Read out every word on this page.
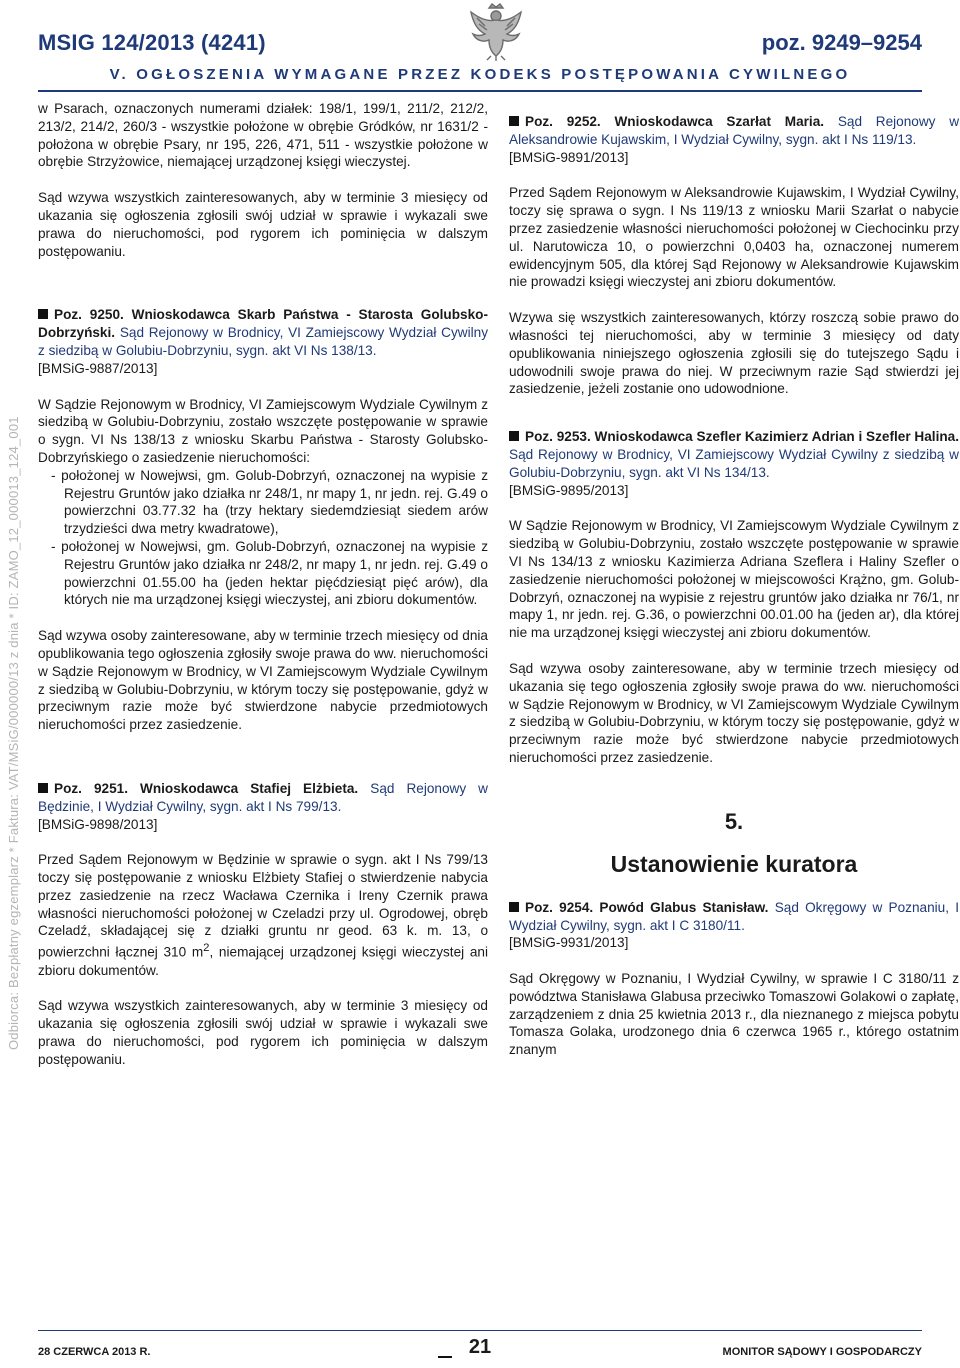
MSIG 124/2013 (4241)	poz. 9249–9254
V. OGŁOSZENIA WYMAGANE PRZEZ KODEKS POSTĘPOWANIA CYWILNEGO
Odbiorca: Bezpłatny egzemplarz * Faktura: VAT/MSiG/000000/13 z dnia * ID: ZAMO_12_000013_124_001

w Psarach, oznaczonych numerami działek: 198/1, 199/1, 211/2, 212/2, 213/2, 214/2, 260/3 - wszystkie położone w obrębie Gródków, nr 1631/2 - położona w obrębie Psary, nr 195, 226, 471, 511 - wszystkie położone w obrębie Strzyżowice, niemającej urządzonej księgi wieczystej.

Sąd wzywa wszystkich zainteresowanych, aby w terminie 3 miesięcy od ukazania się ogłoszenia zgłosili swój udział w sprawie i wykazali swe prawa do nieruchomości, pod rygorem ich pominięcia w dalszym postępowaniu.

Poz. 9250. Wnioskodawca Skarb Państwa - Starosta Golubsko-Dobrzyński. Sąd Rejonowy w Brodnicy, VI Zamiejscowy Wydział Cywilny z siedzibą w Golubiu-Dobrzyniu, sygn. akt VI Ns 138/13.

[BMSiG-9887/2013]

W Sądzie Rejonowym w Brodnicy, VI Zamiejscowym Wydziale Cywilnym z siedzibą w Golubiu-Dobrzyniu, zostało wszczęte postępowanie w sprawie o sygn. VI Ns 138/13 z wniosku Skarbu Państwa - Starosty Golubsko-Dobrzyńskiego o zasiedzenie nieruchomości:

- położonej w Nowejwsi, gm. Golub-Dobrzyń, oznaczonej na wypisie z Rejestru Gruntów jako działka nr 248/1, nr mapy 1, nr jedn. rej. G.49 o powierzchni 03.77.32 ha (trzy hektary siedemdziesiąt siedem arów trzydzieści dwa metry kwadratowe),
- położonej w Nowejwsi, gm. Golub-Dobrzyń, oznaczonej na wypisie z Rejestru Gruntów jako działka nr 248/2, nr mapy 1, nr jedn. rej. G.49 o powierzchni 01.55.00 ha (jeden hektar pięćdziesiąt pięć arów), dla których nie ma urządzonej księgi wieczystej, ani zbioru dokumentów.

Sąd wzywa osoby zainteresowane, aby w terminie trzech miesięcy od dnia opublikowania tego ogłoszenia zgłosiły swoje prawa do ww. nieruchomości w Sądzie Rejonowym w Brodnicy, w VI Zamiejscowym Wydziale Cywilnym z siedzibą w Golubiu-Dobrzyniu, w którym toczy się postępowanie, gdyż w przeciwnym razie może być stwierdzone nabycie przedmiotowych nieruchomości przez zasiedzenie.

Poz. 9251. Wnioskodawca Stafiej Elżbieta. Sąd Rejonowy w Będzinie, I Wydział Cywilny, sygn. akt I Ns 799/13.

[BMSiG-9898/2013]

Przed Sądem Rejonowym w Będzinie w sprawie o sygn. akt I Ns 799/13 toczy się postępowanie z wniosku Elżbiety Stafiej o stwierdzenie nabycia przez zasiedzenie na rzecz Wacława Czernika i Ireny Czernik prawa własności nieruchomości położonej w Czeladzi przy ul. Ogrodowej, obręb Czeladź, składającej się z działki gruntu nr geod. 63 k. m. 13, o powierzchni łącznej 310 $m^2$, niemającej urządzonej księgi wieczystej ani zbioru dokumentów.

Sąd wzywa wszystkich zainteresowanych, aby w terminie 3 miesięcy od ukazania się ogłoszenia zgłosili swój udział w sprawie i wykazali swe prawa do nieruchomości, pod rygorem ich pominięcia w dalszym postępowaniu.

Poz. 9252. Wnioskodawca Szarłat Maria. Sąd Rejonowy w Aleksandrowie Kujawskim, I Wydział Cywilny, sygn. akt I Ns 119/13.

[BMSiG-9891/2013]

Przed Sądem Rejonowym w Aleksandrowie Kujawskim, I Wydział Cywilny, toczy się sprawa o sygn. I Ns 119/13 z wniosku Marii Szarłat o nabycie przez zasiedzenie własności nieruchomości położonej w Ciechocinku przy ul. Narutowicza 10, o powierzchni 0,0403 ha, oznaczonej numerem ewidencyjnym 505, dla której Sąd Rejonowy w Aleksandrowie Kujawskim nie prowadzi księgi wieczystej ani zbioru dokumentów.

Wzywa się wszystkich zainteresowanych, którzy roszczą sobie prawo do własności tej nieruchomości, aby w terminie 3 miesięcy od daty opublikowania niniejszego ogłoszenia zgłosili się do tutejszego Sądu i udowodnili swoje prawa do niej. W przeciwnym razie Sąd stwierdzi jej zasiedzenie, jeżeli zostanie ono udowodnione.

Poz. 9253. Wnioskodawca Szefler Kazimierz Adrian i Szefler Halina. Sąd Rejonowy w Brodnicy, VI Zamiejscowy Wydział Cywilny z siedzibą w Golubiu-Dobrzyniu, sygn. akt VI Ns 134/13.

[BMSiG-9895/2013]

W Sądzie Rejonowym w Brodnicy, VI Zamiejscowym Wydziale Cywilnym z siedzibą w Golubiu-Dobrzyniu, zostało wszczęte postępowanie w sprawie VI Ns 134/13 z wniosku Kazimierza Adriana Szeflera i Haliny Szefler o zasiedzenie nieruchomości położonej w miejscowości Krążno, gm. Golub-Dobrzyń, oznaczonej na wypisie z rejestru gruntów jako działka nr 76/1, nr mapy 1, nr jedn. rej. G.36, o powierzchni 00.01.00 ha (jeden ar), dla której nie ma urządzonej księgi wieczystej ani zbioru dokumentów.

Sąd wzywa osoby zainteresowane, aby w terminie trzech miesięcy od ukazania się tego ogłoszenia zgłosiły swoje prawa do ww. nieruchomości w Sądzie Rejonowym w Brodnicy, w VI Zamiejscowym Wydziale Cywilnym z siedzibą w Golubiu-Dobrzyniu, w którym toczy się postępowanie, gdyż w przeciwnym razie może być stwierdzone nabycie przedmiotowych nieruchomości przez zasiedzenie.

5.
Ustanowienie kuratora

Poz. 9254. Powód Glabus Stanisław. Sąd Okręgowy w Poznaniu, I Wydział Cywilny, sygn. akt I C 3180/11.

[BMSiG-9931/2013]

Sąd Okręgowy w Poznaniu, I Wydział Cywilny, w sprawie I C 3180/11 z powództwa Stanisława Glabusa przeciwko Tomaszowi Golakowi o zapłatę, zarządzeniem z dnia 25 kwietnia 2013 r., dla nieznanego z miejsca pobytu Tomasza Golaka, urodzonego dnia 6 czerwca 1965 r., którego ostatnim znanym

28 CZERWCA 2013 R.	21	MONITOR SĄDOWY I GOSPODARCZY
